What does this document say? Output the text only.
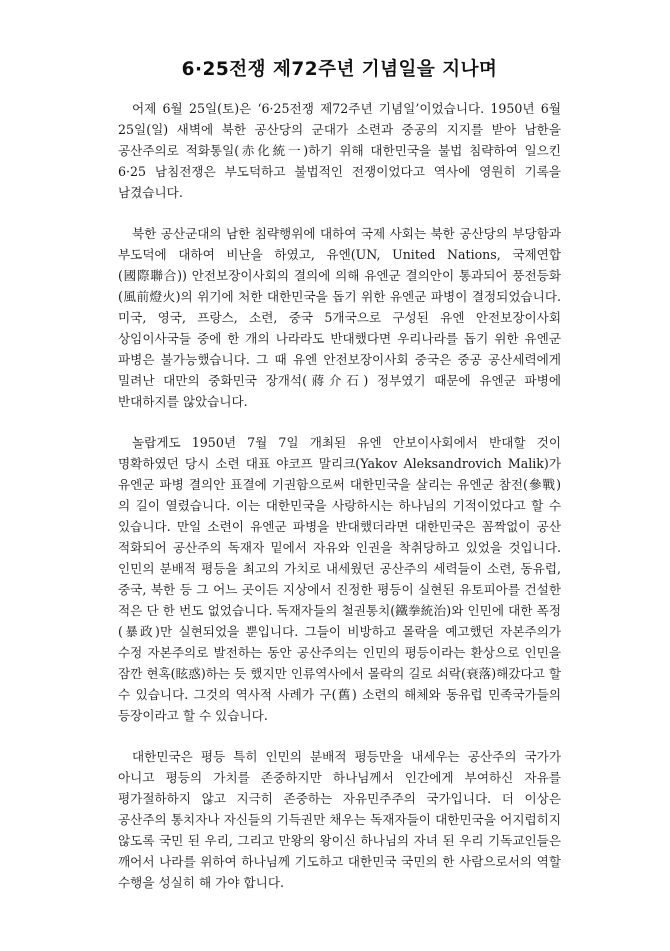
6·25전쟁 제72주년 기념일을 지나며

어제 6월 25일(토)은 ‘6·25전쟁 제72주년 기념일’이었습니다. 1950년 6월 25일(일) 새벽에 북한 공산당의 군대가 소련과 중공의 지지를 받아 남한을 공산주의로 적화통일(赤化統一)하기 위해 대한민국을 불법 침략하여 일으킨 6·25 남침전쟁은 부도덕하고 불법적인 전쟁이었다고 역사에 영원히 기록을 남겼습니다.

북한 공산군대의 남한 침략행위에 대하여 국제 사회는 북한 공산당의 부당함과 부도덕에 대하여 비난을 하였고, 유엔(UN, United Nations, 국제연합(國際聯合)) 안전보장이사회의 결의에 의해 유엔군 결의안이 통과되어 풍전등화(風前燈火)의 위기에 처한 대한민국을 돕기 위한 유엔군 파병이 결정되었습니다. 미국, 영국, 프랑스, 소련, 중국 5개국으로 구성된 유엔 안전보장이사회 상임이사국들 중에 한 개의 나라라도 반대했다면 우리나라를 돕기 위한 유엔군 파병은 불가능했습니다. 그 때 유엔 안전보장이사회 중국은 중공 공산세력에게 밀려난 대만의 중화민국 장개석(蔣介石) 정부였기 때문에 유엔군 파병에 반대하지를 않았습니다.

놀랍게도 1950년 7월 7일 개최된 유엔 안보이사회에서 반대할 것이 명확하였던 당시 소련 대표 야코프 말리크(Yakov Aleksandrovich Malik)가 유엔군 파병 결의안 표결에 기권함으로써 대한민국을 살리는 유엔군 참전(參戰)의 길이 열렸습니다. 이는 대한민국을 사랑하시는 하나님의 기적이었다고 할 수 있습니다. 만일 소련이 유엔군 파병을 반대했더라면 대한민국은 꼼짝없이 공산 적화되어 공산주의 독재자 밑에서 자유와 인권을 착취당하고 있었을 것입니다. 인민의 분배적 평등을 최고의 가치로 내세웠던 공산주의 세력들이 소련, 동유럽, 중국, 북한 등 그 어느 곳이든 지상에서 진정한 평등이 실현된 유토피아를 건설한 적은 단 한 번도 없었습니다. 독재자들의 철권통치(鐵拳統治)와 인민에 대한 폭정(暴政)만 실현되었을 뿐입니다. 그들이 비방하고 몰락을 예고했던 자본주의가 수정 자본주의로 발전하는 동안 공산주의는 인민의 평등이라는 환상으로 인민을 잠깐 현혹(眩惑)하는 듯 했지만 인류역사에서 몰락의 길로 쇠락(衰落)해갔다고 할 수 있습니다. 그것의 역사적 사례가 구(舊) 소련의 해체와 동유럽 민족국가들의 등장이라고 할 수 있습니다.

대한민국은 평등 특히 인민의 분배적 평등만을 내세우는 공산주의 국가가 아니고 평등의 가치를 존중하지만 하나님께서 인간에게 부여하신 자유를 평가절하하지 않고 지극히 존중하는 자유민주주의 국가입니다. 더 이상은 공산주의 통치자나 자신들의 기득권만 채우는 독재자들이 대한민국을 어지럽히지 않도록 국민 된 우리, 그리고 만왕의 왕이신 하나님의 자녀 된 우리 기독교인들은 깨어서 나라를 위하여 하나님께 기도하고 대한민국 국민의 한 사람으로서의 역할 수행을 성실히 해 가야 합니다.
